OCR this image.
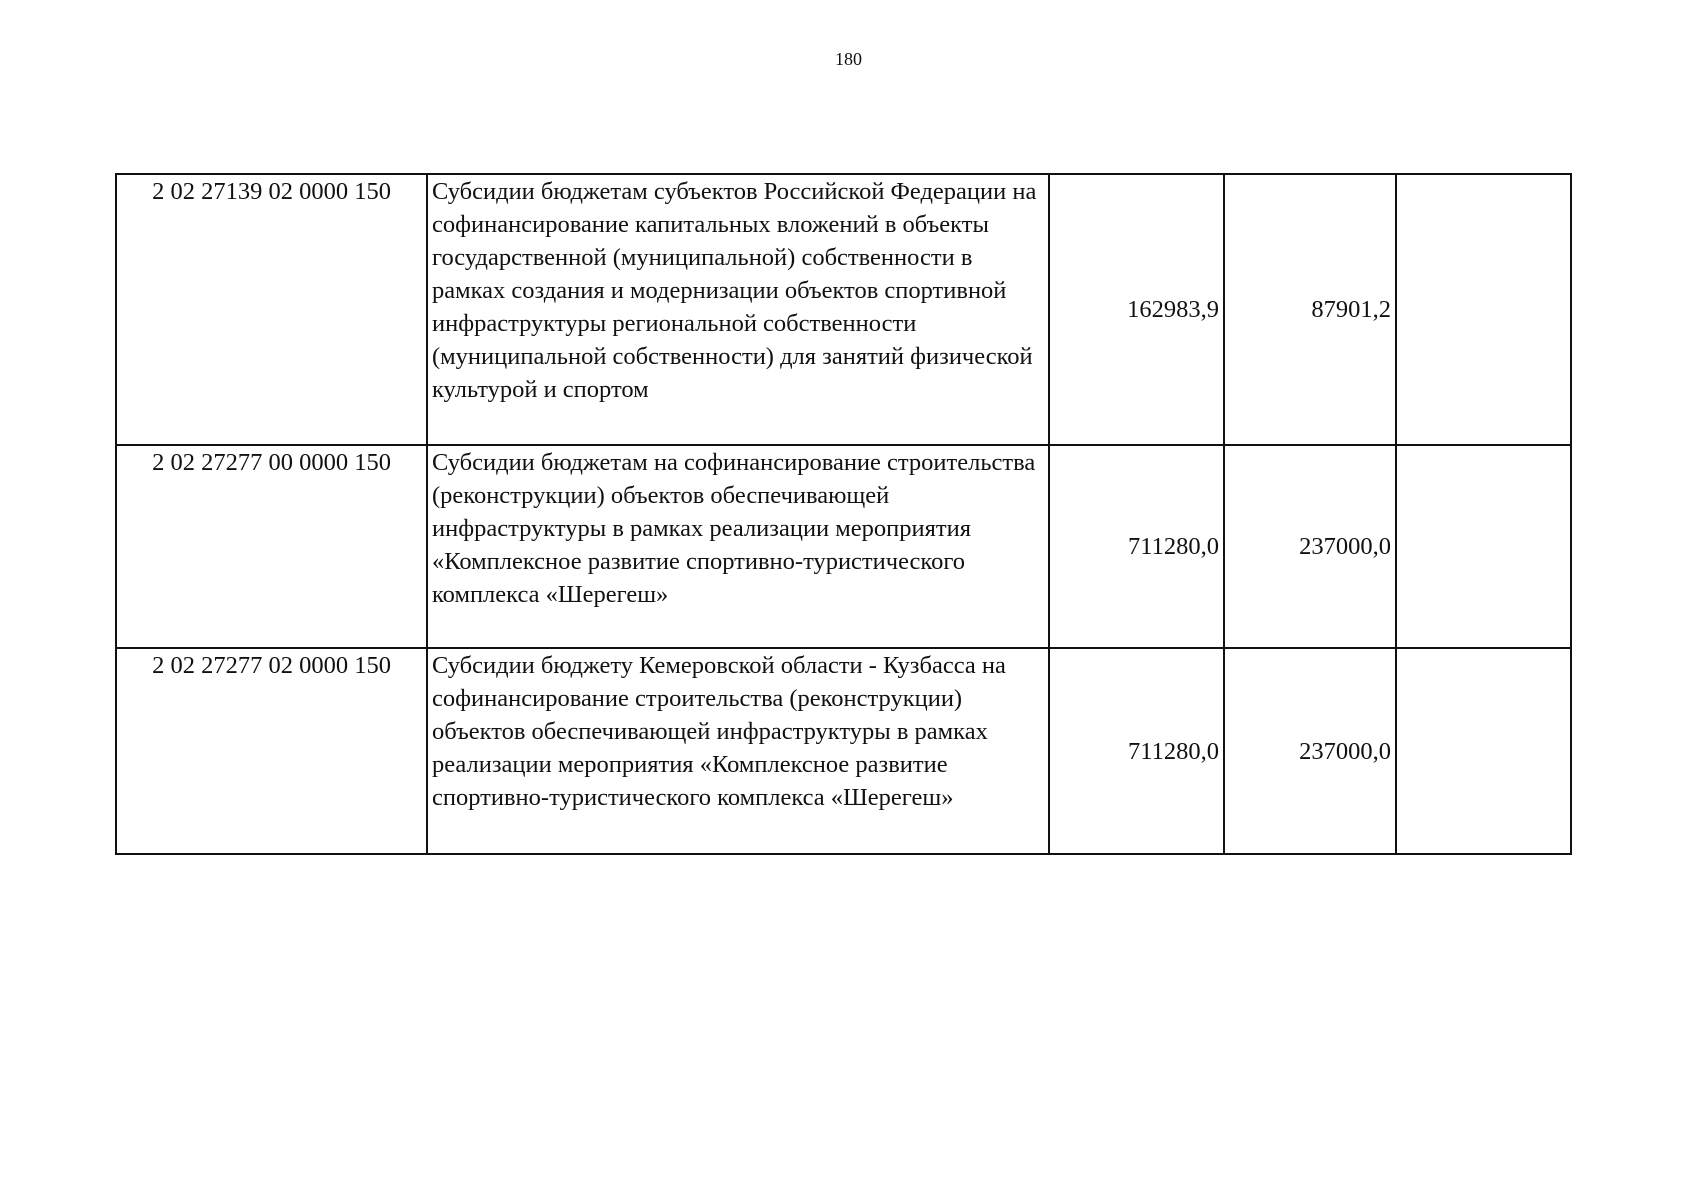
180
2 02 27139 02 0000 150	Субсидии бюджетам субъектов Российской Федерации на софинансирование капитальных вложений в объекты государственной (муниципальной) собственности в рамках создания и модернизации объектов спортивной инфраструктуры региональной собственности (муниципальной собственности) для занятий физической культурой и спортом	162983,9	87901,2	
2 02 27277 00 0000 150	Субсидии бюджетам на софинансирование строительства (реконструкции) объектов обеспечивающей инфраструктуры в рамках реализации мероприятия «Комплексное развитие спортивно-туристического комплекса «Шерегеш»	711280,0	237000,0	
2 02 27277 02 0000 150	Субсидии бюджету Кемеровской области - Кузбасса на софинансирование строительства (реконструкции) объектов обеспечивающей инфраструктуры в рамках реализации мероприятия «Комплексное развитие спортивно-туристического комплекса «Шерегеш»	711280,0	237000,0	
